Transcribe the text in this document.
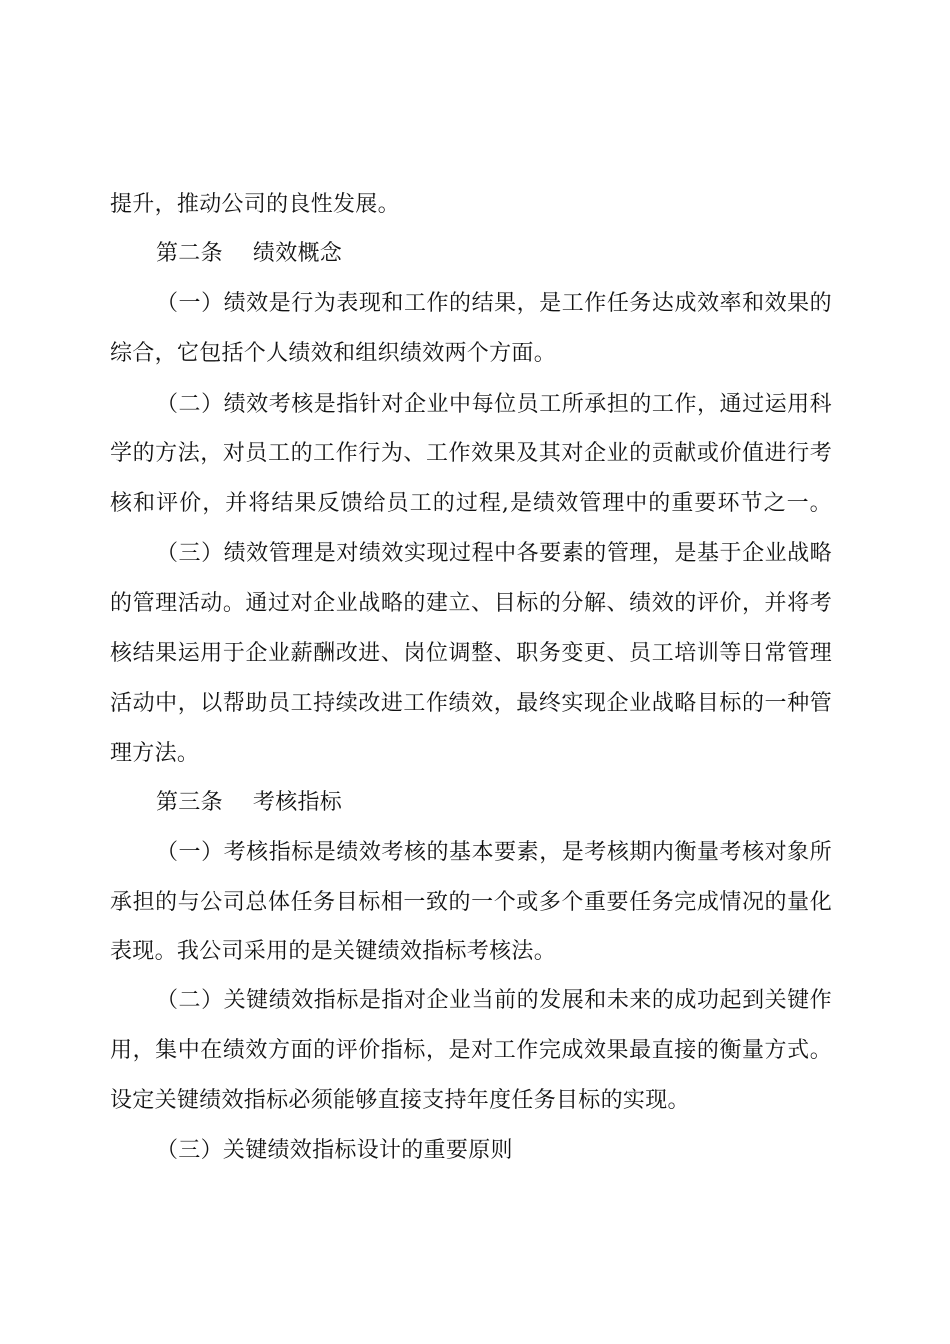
提升，推动公司的良性发展。
第二条 绩效概念
（一）绩效是行为表现和工作的结果，是工作任务达成效率和效果的
综合，它包括个人绩效和组织绩效两个方面。
（二）绩效考核是指针对企业中每位员工所承担的工作，通过运用科
学的方法，对员工的工作行为、工作效果及其对企业的贡献或价值进行考
核和评价，并将结果反馈给员工的过程,是绩效管理中的重要环节之一。
（三）绩效管理是对绩效实现过程中各要素的管理，是基于企业战略
的管理活动。通过对企业战略的建立、目标的分解、绩效的评价，并将考
核结果运用于企业薪酬改进、岗位调整、职务变更、员工培训等日常管理
活动中，以帮助员工持续改进工作绩效，最终实现企业战略目标的一种管
理方法。
第三条 考核指标
（一）考核指标是绩效考核的基本要素，是考核期内衡量考核对象所
承担的与公司总体任务目标相一致的一个或多个重要任务完成情况的量化
表现。我公司采用的是关键绩效指标考核法。
（二）关键绩效指标是指对企业当前的发展和未来的成功起到关键作
用，集中在绩效方面的评价指标，是对工作完成效果最直接的衡量方式。
设定关键绩效指标必须能够直接支持年度任务目标的实现。
（三）关键绩效指标设计的重要原则
